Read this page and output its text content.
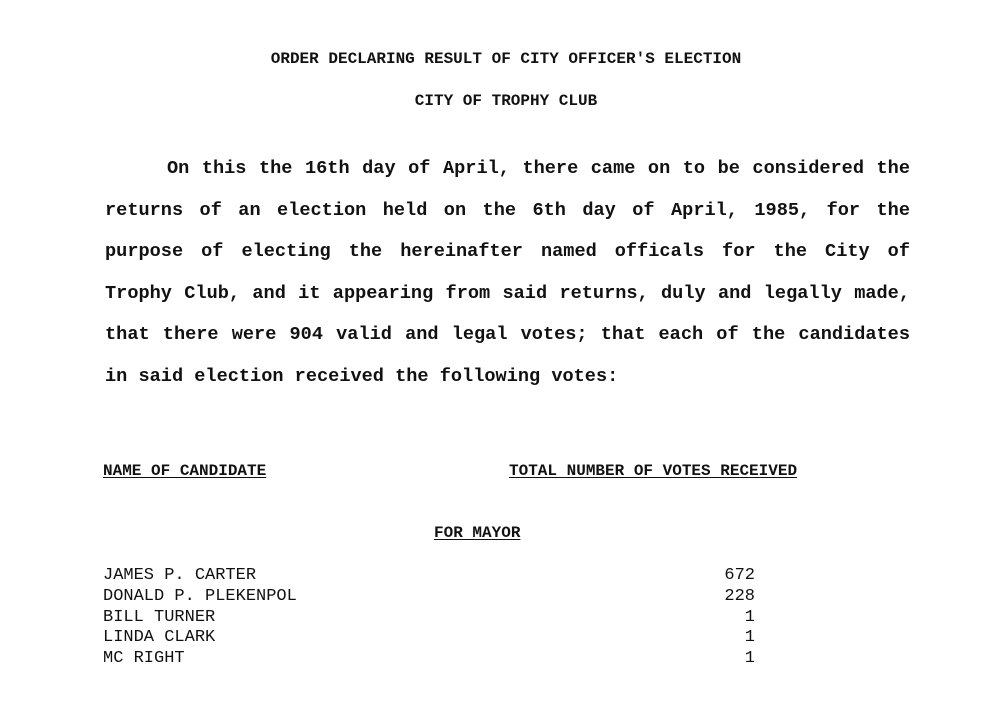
ORDER DECLARING RESULT OF CITY OFFICER'S ELECTION
CITY OF TROPHY CLUB

On this the 16th day of April, there came on to be considered the returns of an election held on the 6th day of April, 1985, for the purpose of electing the hereinafter named officals for the City of Trophy Club, and it appearing from said returns, duly and legally made, that there were 904 valid and legal votes; that each of the candidates in said election received the following votes:

NAME OF CANDIDATE	TOTAL NUMBER OF VOTES RECEIVED
FOR MAYOR
JAMES P. CARTER	672
DONALD P. PLEKENPOL	228
BILL TURNER	1
LINDA CLARK	1
MC RIGHT	1
